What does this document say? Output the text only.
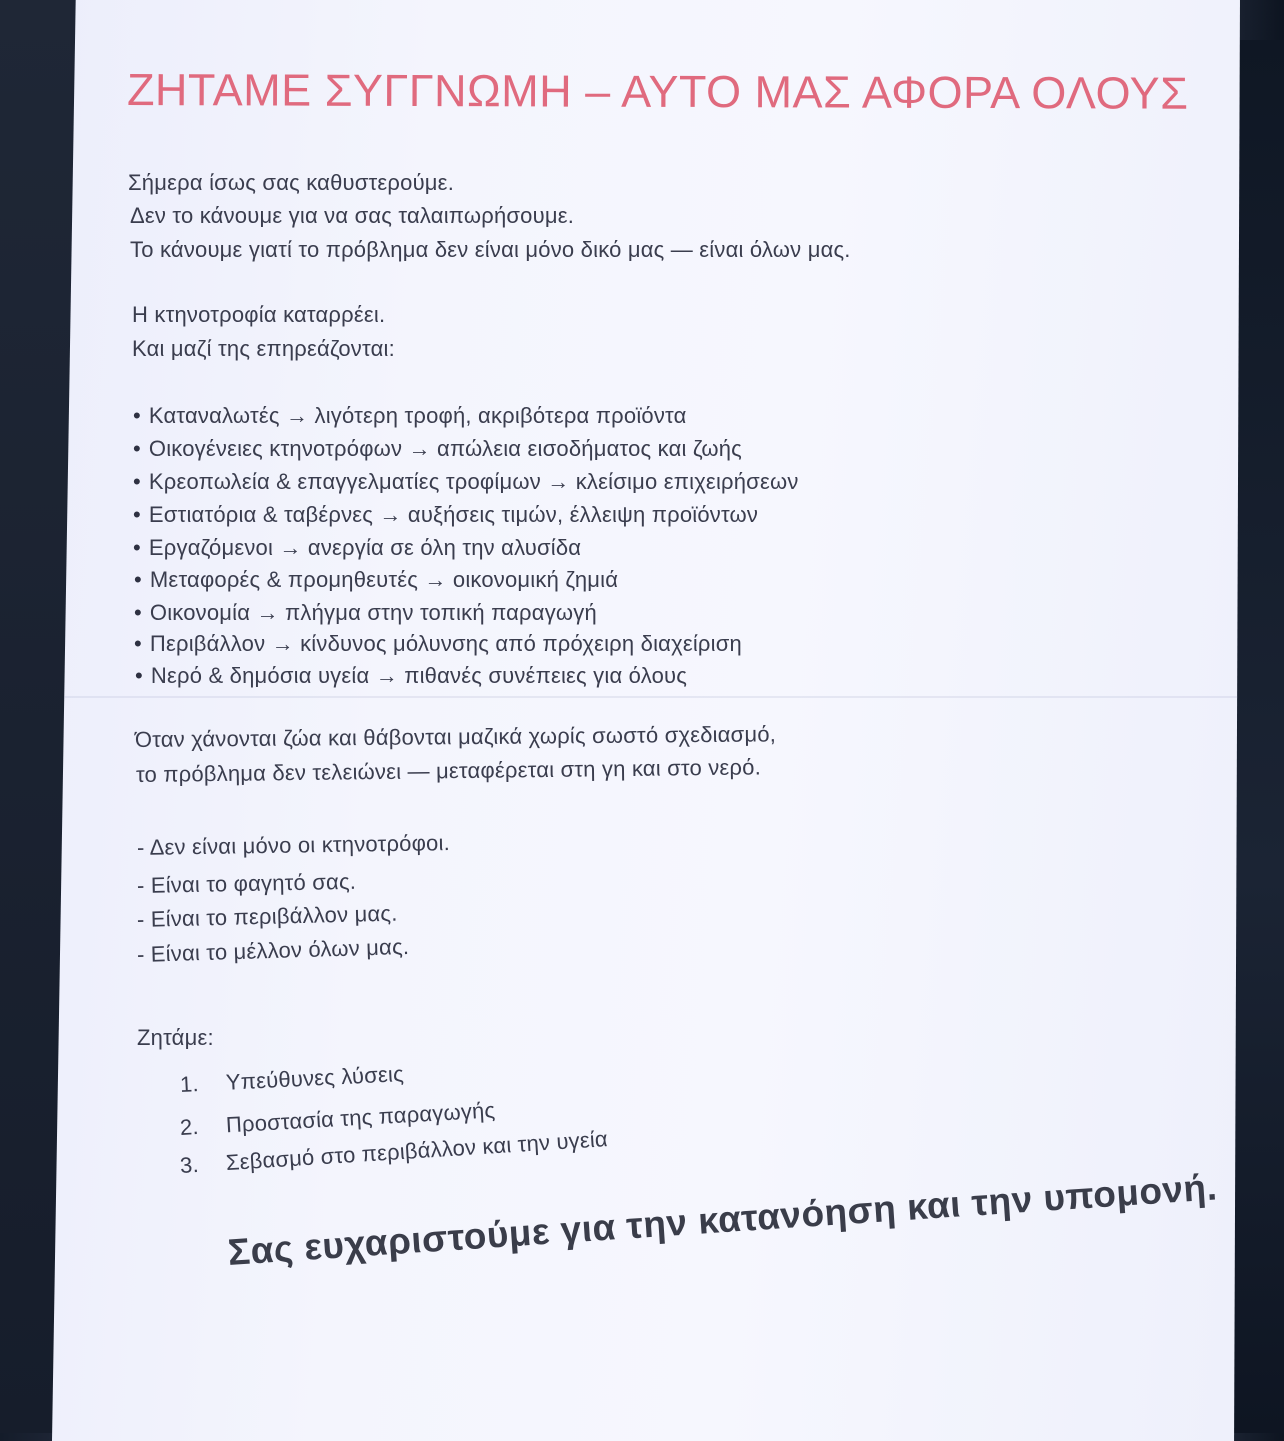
ΖΗΤΑΜΕ ΣΥΓΓΝΩΜΗ – ΑΥΤΟ ΜΑΣ ΑΦΟΡΑ ΟΛΟΥΣ
Σήμερα ίσως σας καθυστερούμε.
Δεν το κάνουμε για να σας ταλαιπωρήσουμε.
Το κάνουμε γιατί το πρόβλημα δεν είναι μόνο δικό μας — είναι όλων μας.
Η κτηνοτροφία καταρρέει.
Και μαζί της επηρεάζονται:
• Καταναλωτές → λιγότερη τροφή, ακριβότερα προϊόντα
• Οικογένειες κτηνοτρόφων → απώλεια εισοδήματος και ζωής
• Κρεοπωλεία & επαγγελματίες τροφίμων → κλείσιμο επιχειρήσεων
• Εστιατόρια & ταβέρνες → αυξήσεις τιμών, έλλειψη προϊόντων
• Εργαζόμενοι → ανεργία σε όλη την αλυσίδα
• Μεταφορές & προμηθευτές → οικονομική ζημιά
• Οικονομία → πλήγμα στην τοπική παραγωγή
• Περιβάλλον → κίνδυνος μόλυνσης από πρόχειρη διαχείριση
• Νερό & δημόσια υγεία → πιθανές συνέπειες για όλους
Όταν χάνονται ζώα και θάβονται μαζικά χωρίς σωστό σχεδιασμό,
το πρόβλημα δεν τελειώνει — μεταφέρεται στη γη και στο νερό.
- Δεν είναι μόνο οι κτηνοτρόφοι.
- Είναι το φαγητό σας.
- Είναι το περιβάλλον μας.
- Είναι το μέλλον όλων μας.
Ζητάμε:
1. Υπεύθυνες λύσεις
2. Προστασία της παραγωγής
3. Σεβασμό στο περιβάλλον και την υγεία
Σας ευχαριστούμε για την κατανόηση και την υπομονή.
